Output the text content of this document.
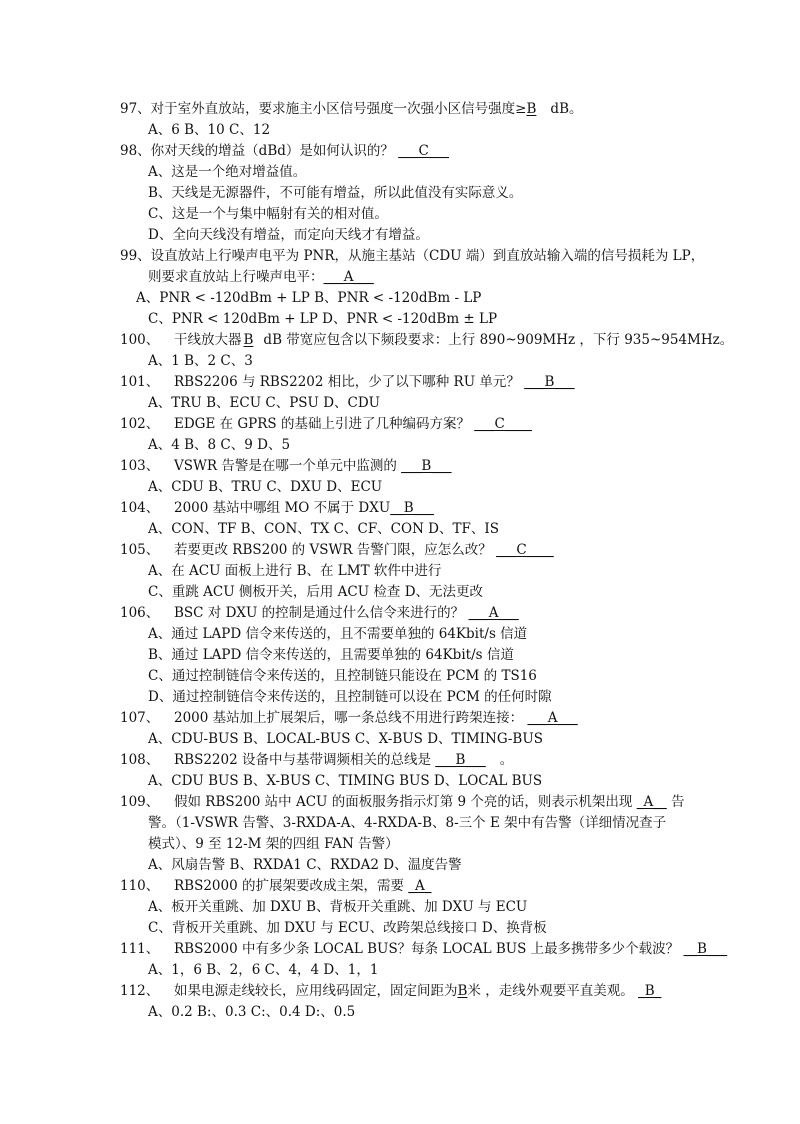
97、对于室外直放站，要求施主小区信号强度一次强小区信号强度≥B dB。
A、6 B、10 C、12
98、你对天线的增益（dBd）是如何认识的？ ___C___
A、这是一个绝对增益值。
B、天线是无源器件，不可能有增益，所以此值没有实际意义。
C、这是一个与集中幅射有关的相对值。
D、全向天线没有增益，而定向天线才有增益。
99、设直放站上行噪声电平为 PNR，从施主基站（CDU 端）到直放站输入端的信号损耗为 LP，
则要求直放站上行噪声电平：___A___
A、PNR < -120dBm + LP B、PNR < -120dBm - LP
C、PNR < 120dBm + LP D、PNR < -120dBm ± LP
100、 干线放大器 B dB 带宽应包含以下频段要求：上行 890~909MHz ，下行 935~954MHz。
A、1 B、2 C、3
101、 RBS2206 与 RBS2202 相比，少了以下哪种 RU 单元？ ___B___
A、TRU B、ECU C、PSU D、CDU
102、 EDGE 在 GPRS 的基础上引进了几种编码方案？ ___C____
A、4 B、8 C、9 D、5
103、 VSWR 告警是在哪一个单元中监测的 ___B___
A、CDU B、TRU C、DXU D、ECU
104、 2000 基站中哪组 MO 不属于 DXU__B___
A、CON、TF B、CON、TX C、CF、CON D、TF、IS
105、 若要更改 RBS200 的 VSWR 告警门限，应怎么改？ ___C____
A、在 ACU 面板上进行 B、在 LMT 软件中进行
C、重跳 ACU 侧板开关，后用 ACU 检查 D、无法更改
106、 BSC 对 DXU 的控制是通过什么信令来进行的？ ___A___
A、通过 LAPD 信令来传送的，且不需要单独的 64Kbit/s 信道
B、通过 LAPD 信令来传送的，且需要单独的 64Kbit/s 信道
C、通过控制链信令来传送的，且控制链只能设在 PCM 的 TS16
D、通过控制链信令来传送的，且控制链可以设在 PCM 的任何时隙
107、 2000 基站加上扩展架后，哪一条总线不用进行跨架连接： ___A___
A、CDU-BUS B、LOCAL-BUS C、X-BUS D、TIMING-BUS
108、 RBS2202 设备中与基带调频相关的总线是 ___B___ 。
A、CDU BUS B、X-BUS C、TIMING BUS D、LOCAL BUS
109、 假如 RBS200 站中 ACU 的面板服务指示灯第 9 个亮的话，则表示机架出现 _A__ 告
警。（1-VSWR 告警、3-RXDA-A、4-RXDA-B、8-三个 E 架中有告警（详细情况查子
模式）、9 至 12-M 架的四组 FAN 告警）
A、风扇告警 B、RXDA1 C、RXDA2 D、温度告警
110、 RBS2000 的扩展架要改成主架，需要 _A_
A、板开关重跳、加 DXU B、背板开关重跳、加 DXU 与 ECU
C、背板开关重跳、加 DXU 与 ECU、改跨架总线接口 D、换背板
111、 RBS2000 中有多少条 LOCAL BUS？每条 LOCAL BUS 上最多携带多少个载波？ __B___
A、1，6 B、2，6 C、4，4 D、1，1
112、 如果电源走线较长，应用线码固定，固定间距为B米 ，走线外观要平直美观。 _B_
A、0.2 B:、0.3 C:、0.4 D:、0.5
